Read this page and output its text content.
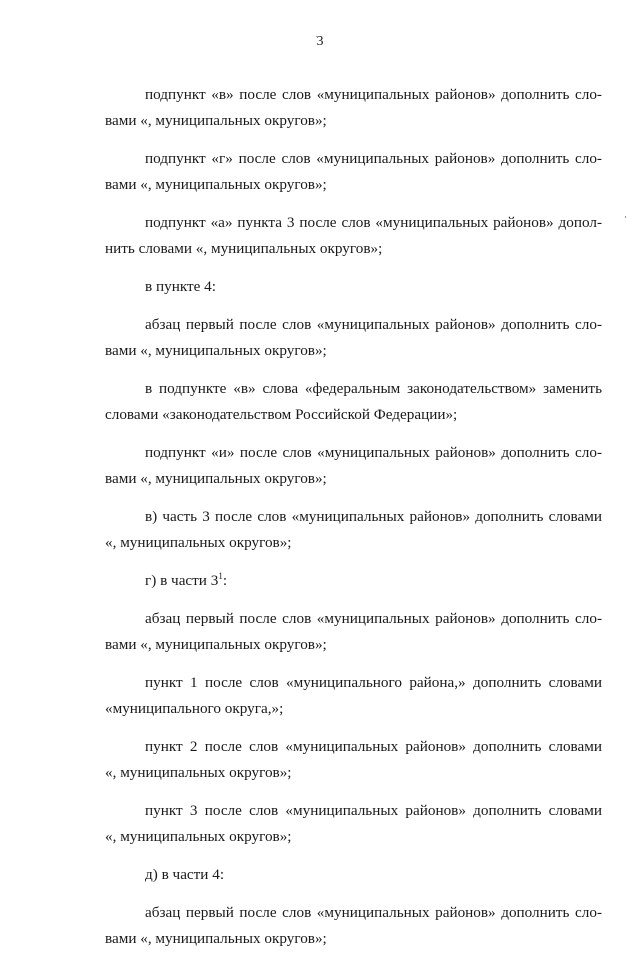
3

подпункт «в» после слов «муниципальных районов» дополнить сло-
вами «, муниципальных округов»;

подпункт «г» после слов «муниципальных районов» дополнить сло-
вами «, муниципальных округов»;

подпункт «а» пункта 3 после слов «муниципальных районов» допол-
нить словами «, муниципальных округов»;

в пункте 4:

абзац первый после слов «муниципальных районов» дополнить сло-
вами «, муниципальных округов»;

в подпункте «в» слова «федеральным законодательством» заменить
словами «законодательством Российской Федерации»;

подпункт «и» после слов «муниципальных районов» дополнить сло-
вами «, муниципальных округов»;

в) часть 3 после слов «муниципальных районов» дополнить словами
«, муниципальных округов»;

г) в части $3^1$:

абзац первый после слов «муниципальных районов» дополнить сло-
вами «, муниципальных округов»;

пункт 1 после слов «муниципального района,» дополнить словами
«муниципального округа,»;

пункт 2 после слов «муниципальных районов» дополнить словами
«, муниципальных округов»;

пункт 3 после слов «муниципальных районов» дополнить словами
«, муниципальных округов»;

д) в части 4:

абзац первый после слов «муниципальных районов» дополнить сло-
вами «, муниципальных округов»;
